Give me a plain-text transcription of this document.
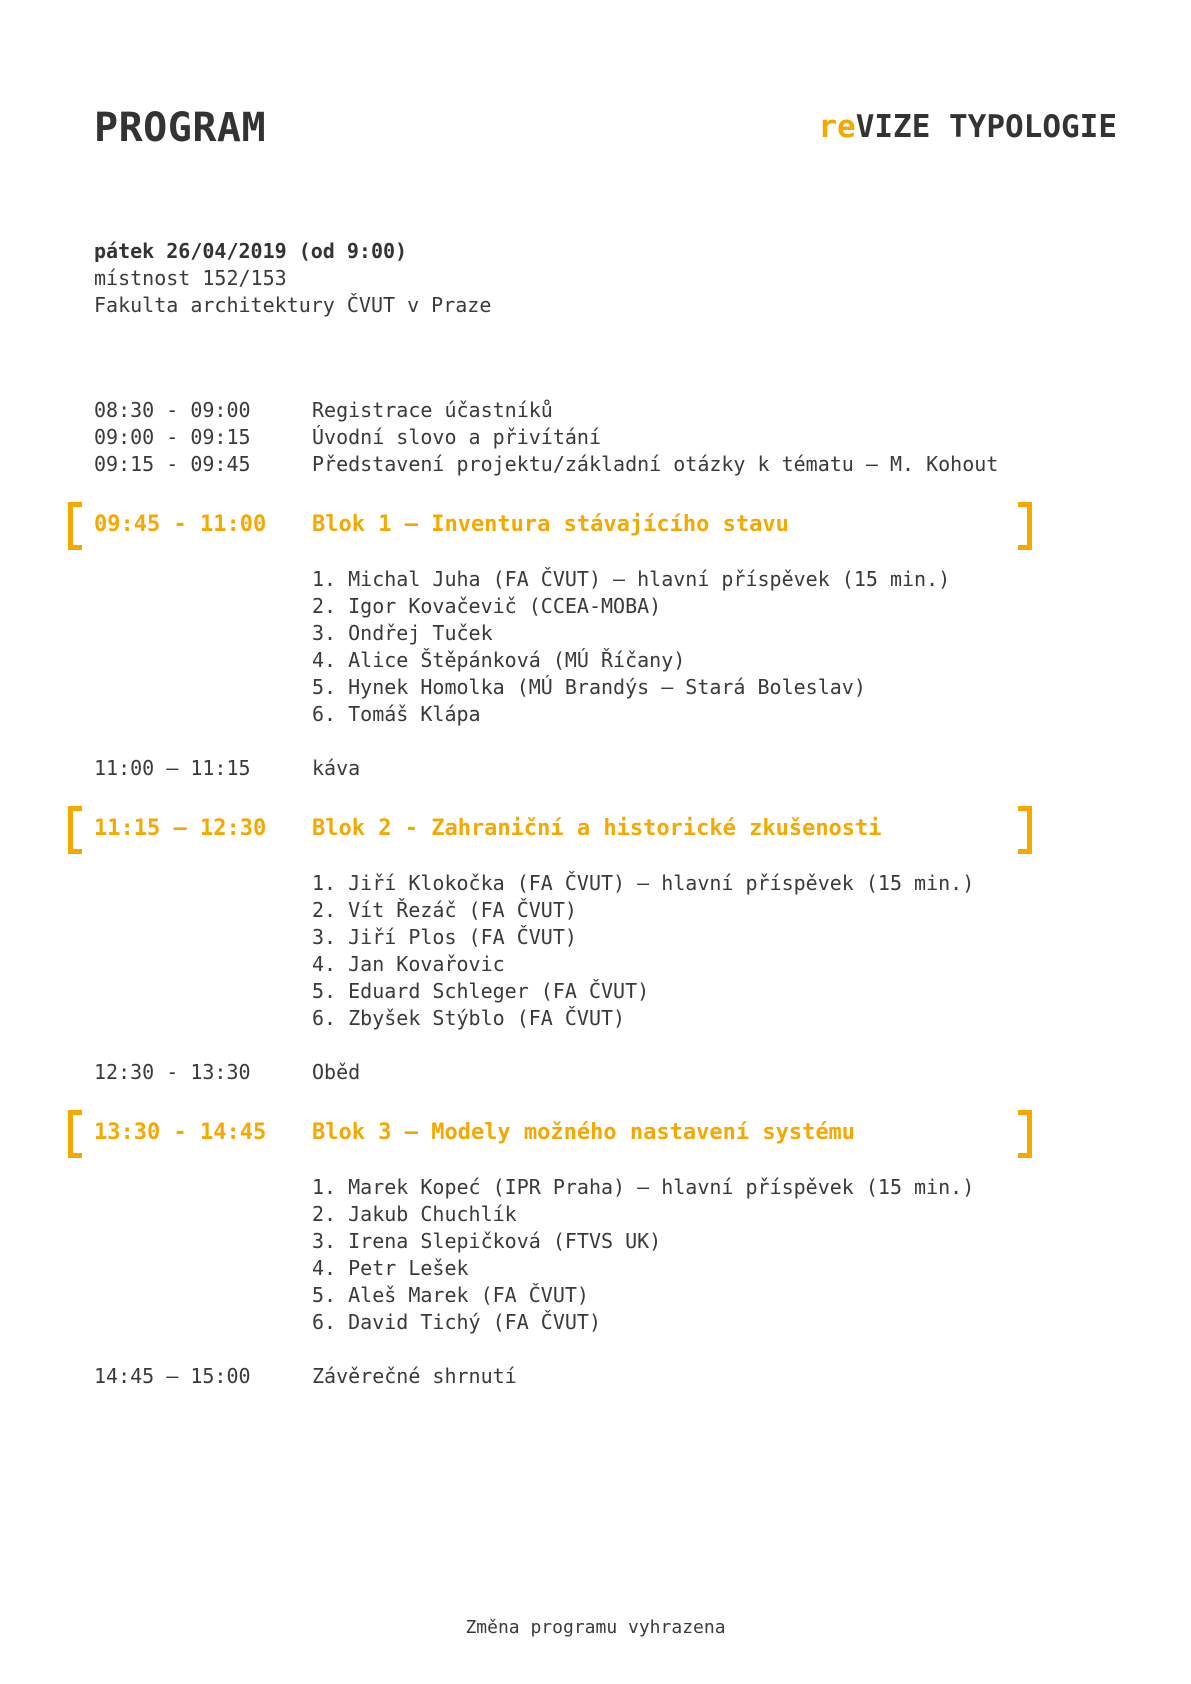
PROGRAM	reVIZE TYPOLOGIE
pátek 26/04/2019 (od 9:00)
místnost 152/153
Fakulta architektury ČVUT v Praze
08:30 - 09:00	Registrace účastníků
09:00 - 09:15	Úvodní slovo a přivítání
09:15 - 09:45	Představení projektu/základní otázky k tématu – M. Kohout
09:45 - 11:00 Blok 1 – Inventura stávajícího stavu
1. Michal Juha (FA ČVUT) – hlavní příspěvek (15 min.)
2. Igor Kovačevič (CCEA-MOBA)
3. Ondřej Tuček
4. Alice Štěpánková (MÚ Říčany)
5. Hynek Homolka (MÚ Brandýs – Stará Boleslav)
6. Tomáš Klápa
11:00 – 11:15	káva
11:15 – 12:30 Blok 2 - Zahraniční a historické zkušenosti
1. Jiří Klokočka (FA ČVUT) – hlavní příspěvek (15 min.)
2. Vít Řezáč (FA ČVUT)
3. Jiří Plos (FA ČVUT)
4. Jan Kovařovic
5. Eduard Schleger (FA ČVUT)
6. Zbyšek Stýblo (FA ČVUT)
12:30 - 13:30	Oběd
13:30 - 14:45 Blok 3 – Modely možného nastavení systému
1. Marek Kopeć (IPR Praha) – hlavní příspěvek (15 min.)
2. Jakub Chuchlík
3. Irena Slepičková (FTVS UK)
4. Petr Lešek
5. Aleš Marek (FA ČVUT)
6. David Tichý (FA ČVUT)
14:45 – 15:00	Závěrečné shrnutí
Změna programu vyhrazena
